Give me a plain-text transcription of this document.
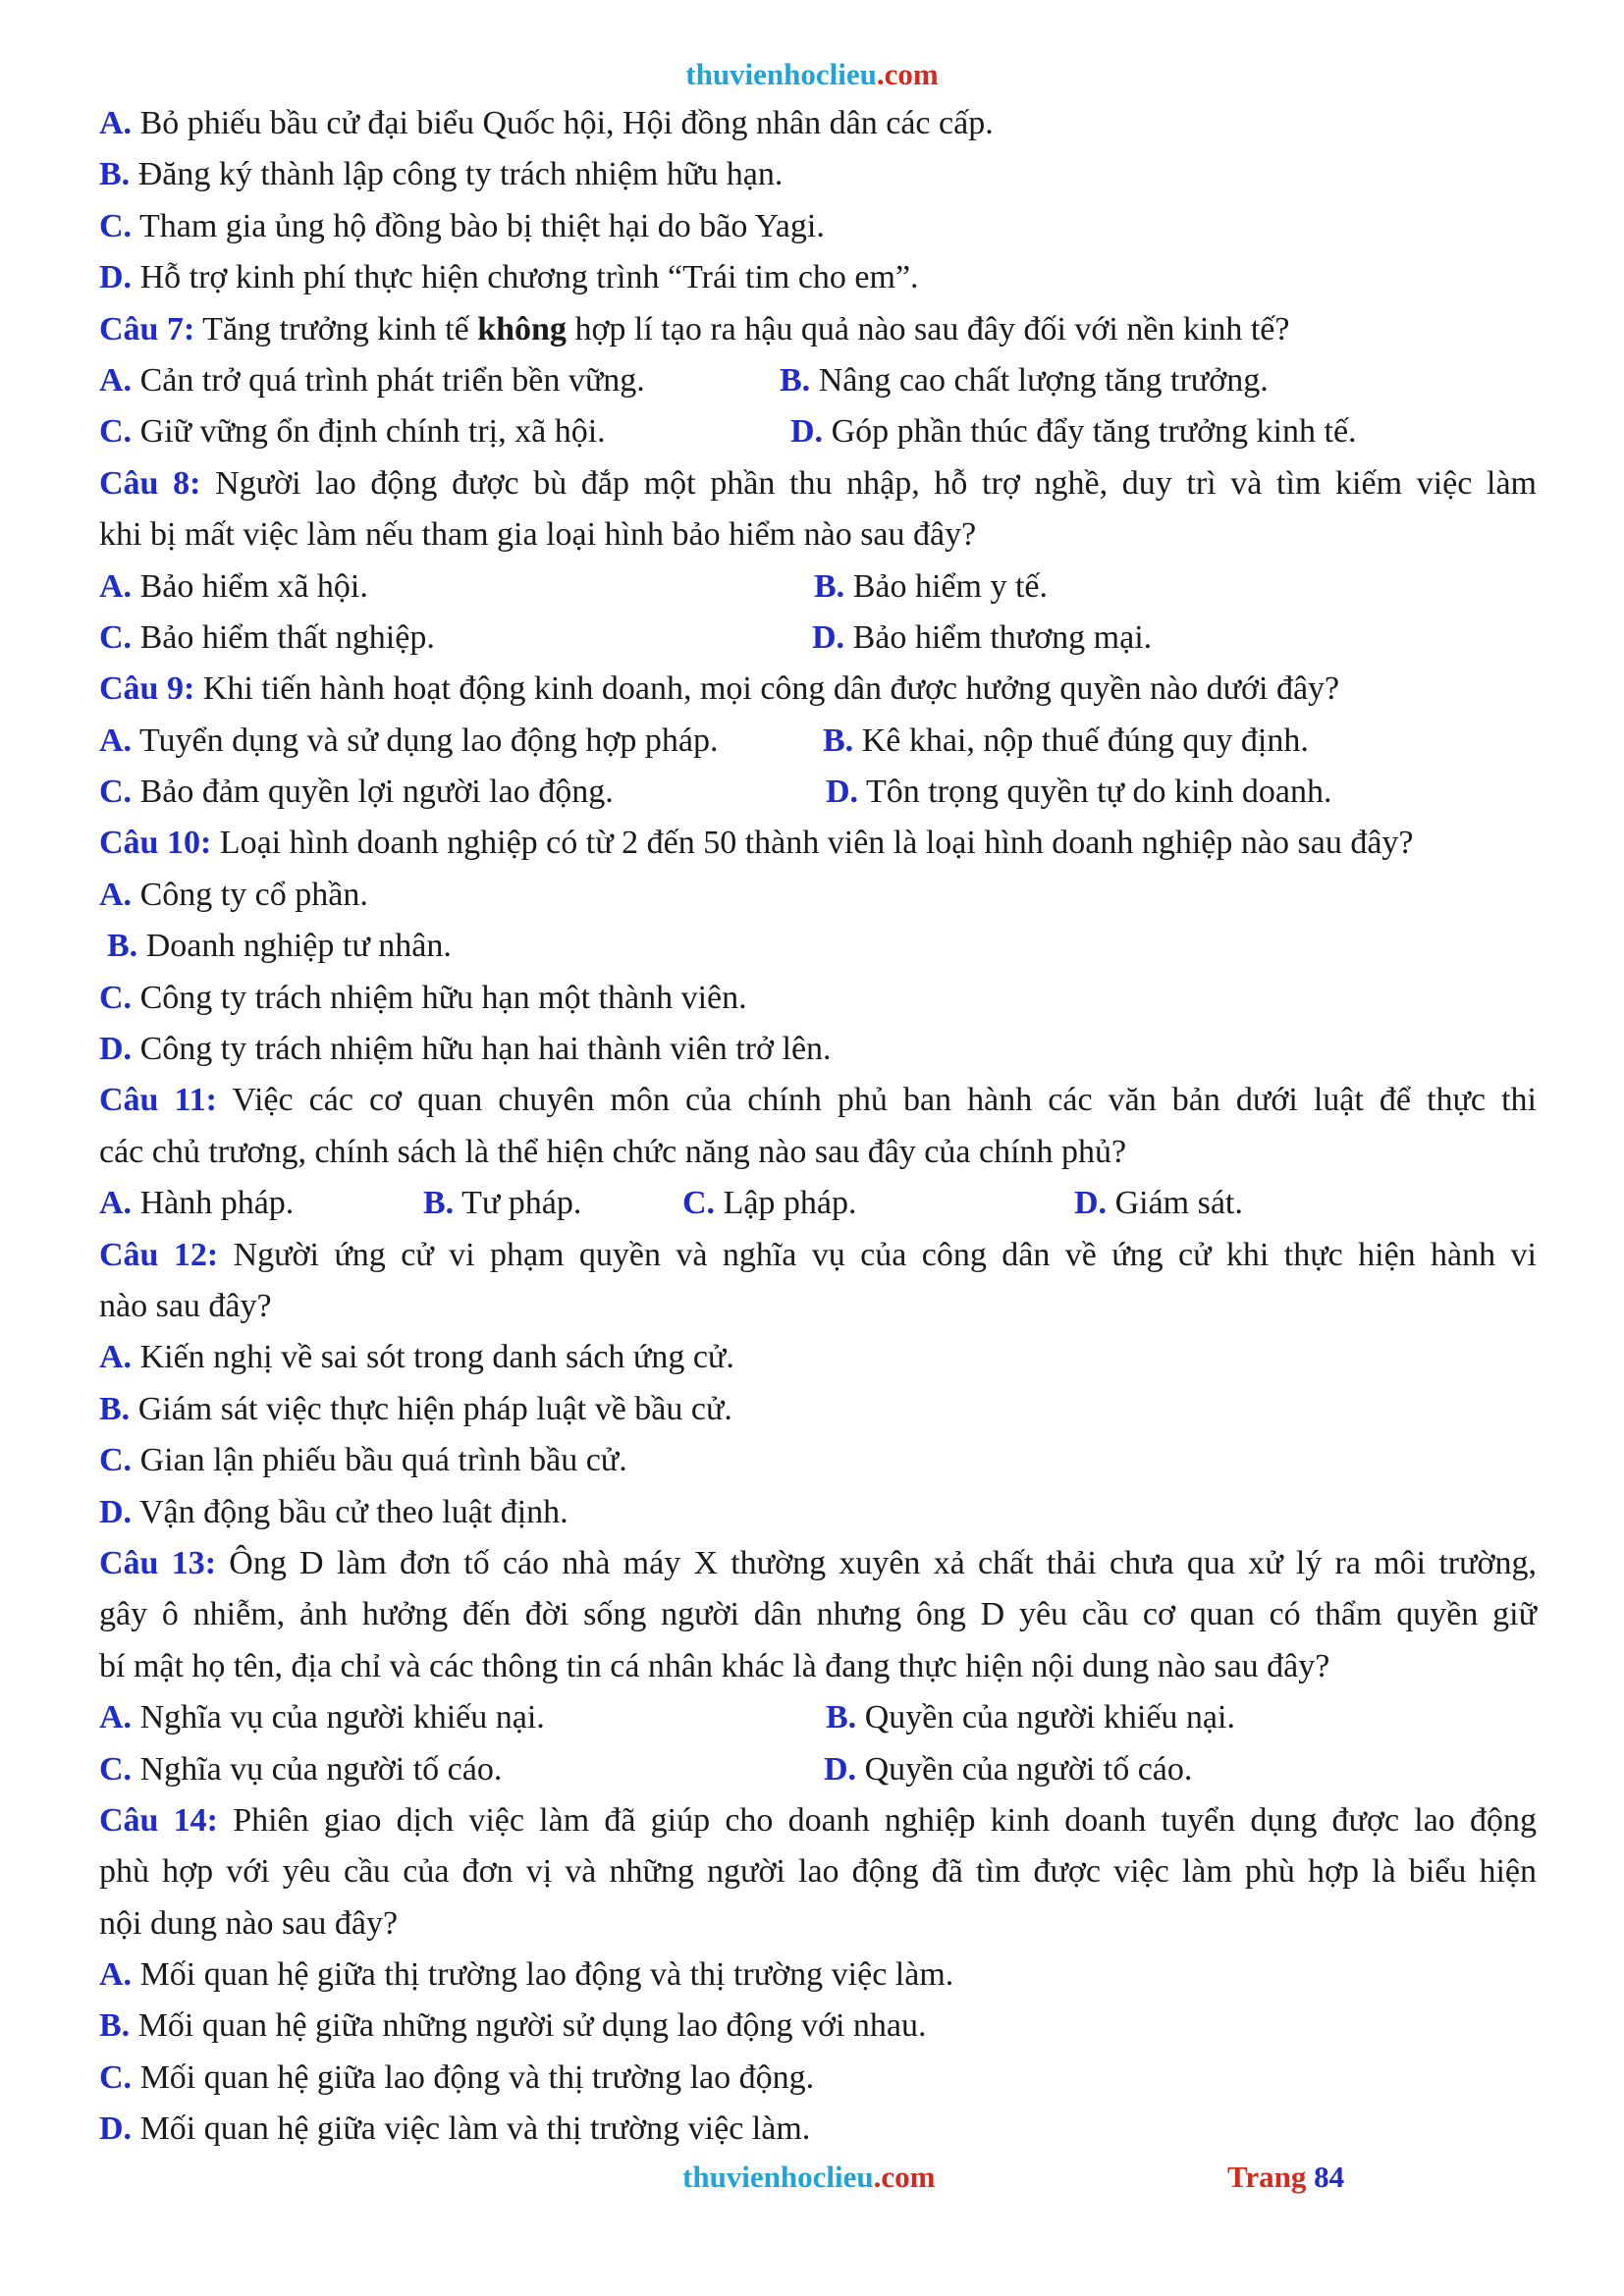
thuvienhoclieu.com
A. Bỏ phiếu bầu cử đại biểu Quốc hội, Hội đồng nhân dân các cấp.
B. Đăng ký thành lập công ty trách nhiệm hữu hạn.
C. Tham gia ủng hộ đồng bào bị thiệt hại do bão Yagi.
D. Hỗ trợ kinh phí thực hiện chương trình “Trái tim cho em”.
Câu 7: Tăng trưởng kinh tế không hợp lí tạo ra hậu quả nào sau đây đối với nền kinh tế?
A. Cản trở quá trình phát triển bền vững.	B. Nâng cao chất lượng tăng trưởng.
C. Giữ vững ổn định chính trị, xã hội.	D. Góp phần thúc đẩy tăng trưởng kinh tế.
Câu 8: Người lao động được bù đắp một phần thu nhập, hỗ trợ nghề, duy trì và tìm kiếm việc làm
khi bị mất việc làm nếu tham gia loại hình bảo hiểm nào sau đây?
A. Bảo hiểm xã hội.	B. Bảo hiểm y tế.
C. Bảo hiểm thất nghiệp.	D. Bảo hiểm thương mại.
Câu 9: Khi tiến hành hoạt động kinh doanh, mọi công dân được hưởng quyền nào dưới đây?
A. Tuyển dụng và sử dụng lao động hợp pháp.	B. Kê khai, nộp thuế đúng quy định.
C. Bảo đảm quyền lợi người lao động.	D. Tôn trọng quyền tự do kinh doanh.
Câu 10: Loại hình doanh nghiệp có từ 2 đến 50 thành viên là loại hình doanh nghiệp nào sau đây?
A. Công ty cổ phần.
B. Doanh nghiệp tư nhân.
C. Công ty trách nhiệm hữu hạn một thành viên.
D. Công ty trách nhiệm hữu hạn hai thành viên trở lên.
Câu 11: Việc các cơ quan chuyên môn của chính phủ ban hành các văn bản dưới luật để thực thi
các chủ trương, chính sách là thể hiện chức năng nào sau đây của chính phủ?
A. Hành pháp.	B. Tư pháp.	C. Lập pháp.	D. Giám sát.
Câu 12: Người ứng cử vi phạm quyền và nghĩa vụ của công dân về ứng cử khi thực hiện hành vi
nào sau đây?
A. Kiến nghị về sai sót trong danh sách ứng cử.
B. Giám sát việc thực hiện pháp luật về bầu cử.
C. Gian lận phiếu bầu quá trình bầu cử.
D. Vận động bầu cử theo luật định.
Câu 13: Ông D làm đơn tố cáo nhà máy X thường xuyên xả chất thải chưa qua xử lý ra môi trường,
gây ô nhiễm, ảnh hưởng đến đời sống người dân nhưng ông D yêu cầu cơ quan có thẩm quyền giữ
bí mật họ tên, địa chỉ và các thông tin cá nhân khác là đang thực hiện nội dung nào sau đây?
A. Nghĩa vụ của người khiếu nại.	B. Quyền của người khiếu nại.
C. Nghĩa vụ của người tố cáo.	D. Quyền của người tố cáo.
Câu 14: Phiên giao dịch việc làm đã giúp cho doanh nghiệp kinh doanh tuyển dụng được lao động
phù hợp với yêu cầu của đơn vị và những người lao động đã tìm được việc làm phù hợp là biểu hiện
nội dung nào sau đây?
A. Mối quan hệ giữa thị trường lao động và thị trường việc làm.
B. Mối quan hệ giữa những người sử dụng lao động với nhau.
C. Mối quan hệ giữa lao động và thị trường lao động.
D. Mối quan hệ giữa việc làm và thị trường việc làm.
thuvienhoclieu.com	Trang 84
